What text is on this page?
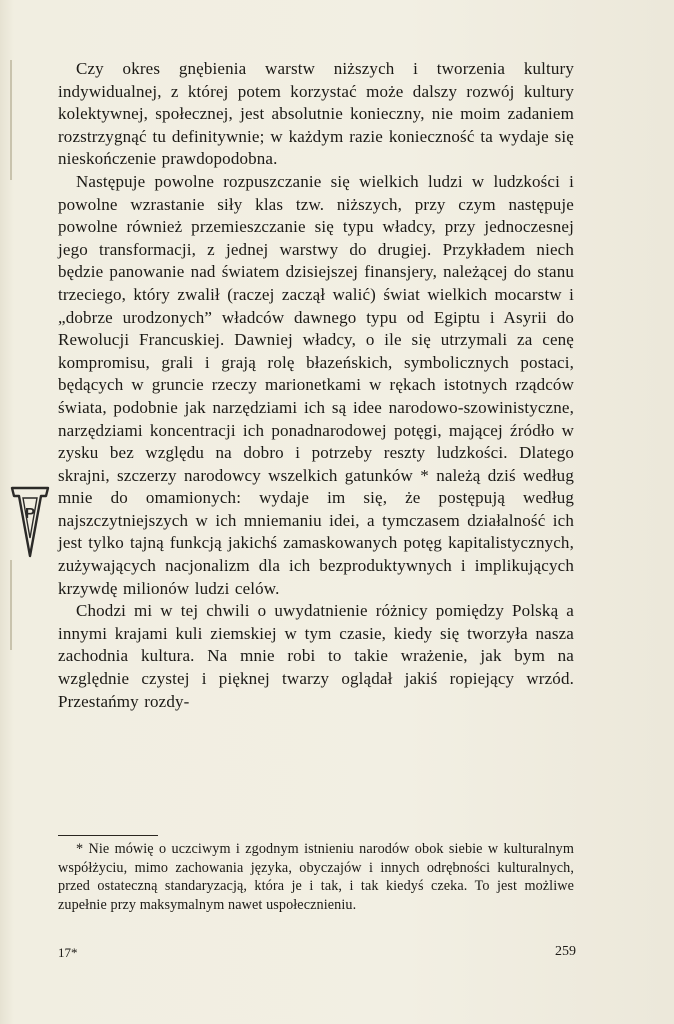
P

Czy okres gnębienia warstw niższych i tworzenia kultury indywidualnej, z której potem korzystać może dalszy rozwój kultury kolektywnej, społecznej, jest absolutnie konieczny, nie moim zadaniem rozstrzygnąć tu definitywnie; w każdym razie konieczność ta wydaje się nieskończenie prawdopodobna.

Następuje powolne rozpuszczanie się wielkich ludzi w ludzkości i powolne wzrastanie siły klas tzw. niższych, przy czym następuje powolne również przemieszczanie się typu władcy, przy jednoczesnej jego transformacji, z jednej warstwy do drugiej. Przykładem niech będzie panowanie nad światem dzisiejszej finansjery, należącej do stanu trzeciego, który zwalił (raczej zaczął walić) świat wielkich mocarstw i „dobrze urodzonych” władców dawnego typu od Egiptu i Asyrii do Rewolucji Francuskiej. Dawniej władcy, o ile się utrzymali za cenę kompromisu, grali i grają rolę błazeńskich, symbolicznych postaci, będących w gruncie rzeczy marionetkami w rękach istotnych rządców świata, podobnie jak narzędziami ich są idee narodowo-szowinistyczne, narzędziami koncentracji ich ponadnarodowej potęgi, mającej źródło w zysku bez względu na dobro i potrzeby reszty ludzkości. Dlatego skrajni, szczerzy narodowcy wszelkich gatunków * należą dziś według mnie do omamionych: wydaje im się, że postępują według najszczytniejszych w ich mniemaniu idei, a tymczasem działalność ich jest tylko tajną funkcją jakichś zamaskowanych potęg kapitalistycznych, zużywających nacjonalizm dla ich bezproduktywnych i implikujących krzywdę milionów ludzi celów.

Chodzi mi w tej chwili o uwydatnienie różnicy pomiędzy Polską a innymi krajami kuli ziemskiej w tym czasie, kiedy się tworzyła nasza zachodnia kultura. Na mnie robi to takie wrażenie, jak bym na względnie czystej i pięknej twarzy oglądał jakiś ropiejący wrzód. Przestańmy rozdy-

* Nie mówię o uczciwym i zgodnym istnieniu narodów obok siebie w kulturalnym współżyciu, mimo zachowania języka, obyczajów i innych odrębności kulturalnych, przed ostateczną standaryzacją, która je i tak, i tak kiedyś czeka. To jest możliwe zupełnie przy maksymalnym nawet uspołecznieniu.

17*	259
